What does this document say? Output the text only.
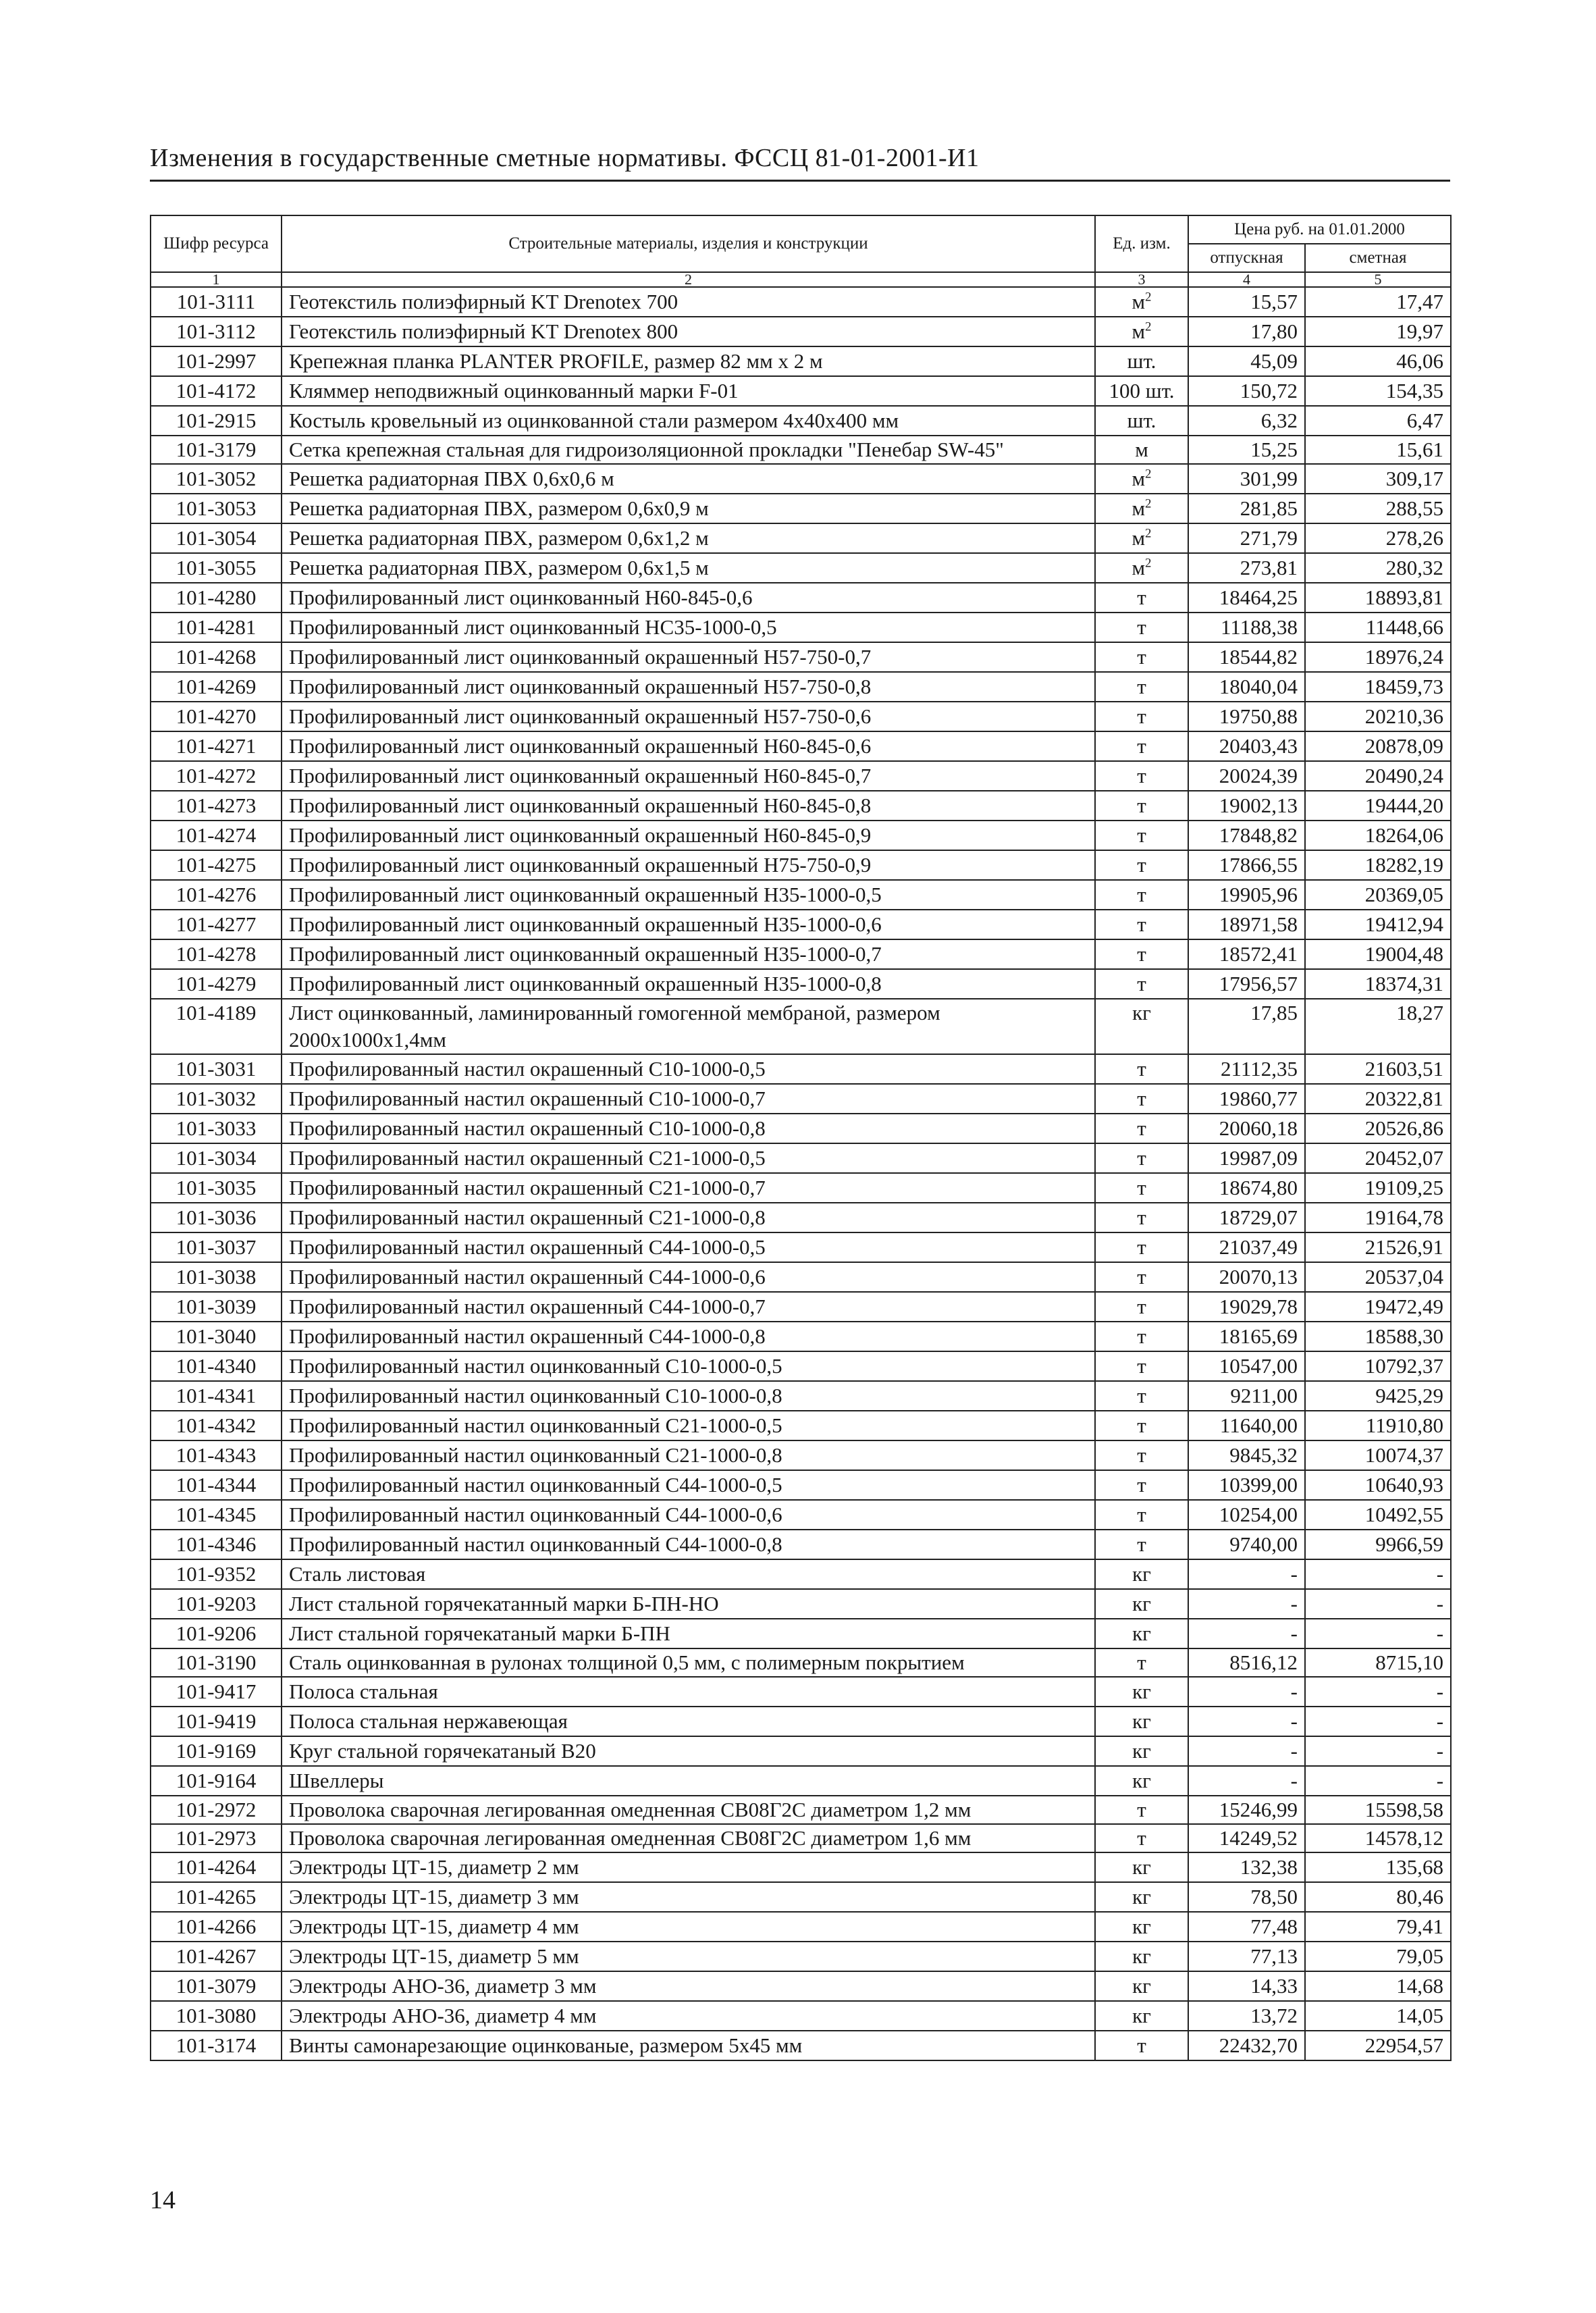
Изменения в государственные сметные нормативы. ФССЦ 81-01-2001-И1
Шифр ресурса	Строительные материалы, изделия и конструкции	Ед. изм.	Цена руб. на 01.01.2000	
			отпускная	сметная
1	2	3	4	5
101-3111	Геотекстиль полиэфирный KT Drenotex 700	$м^2$	15,57	17,47
101-3112	Геотекстиль полиэфирный KT Drenotex 800	$м^2$	17,80	19,97
101-2997	Крепежная планка PLANTER PROFILE, размер 82 мм х 2 м	шт.	45,09	46,06
101-4172	Кляммер неподвижный оцинкованный марки F-01	100 шт.	150,72	154,35
101-2915	Костыль кровельный из оцинкованной стали размером 4х40х400 мм	шт.	6,32	6,47
101-3179	Сетка крепежная стальная для гидроизоляционной прокладки "Пенебар SW-45"	м	15,25	15,61
101-3052	Решетка радиаторная ПВХ 0,6х0,6 м	$м^2$	301,99	309,17
101-3053	Решетка радиаторная ПВХ, размером 0,6х0,9 м	$м^2$	281,85	288,55
101-3054	Решетка радиаторная ПВХ, размером 0,6х1,2 м	$м^2$	271,79	278,26
101-3055	Решетка радиаторная ПВХ, размером 0,6х1,5 м	$м^2$	273,81	280,32
101-4280	Профилированный лист оцинкованный Н60-845-0,6	т	18464,25	18893,81
101-4281	Профилированный лист оцинкованный НС35-1000-0,5	т	11188,38	11448,66
101-4268	Профилированный лист оцинкованный окрашенный Н57-750-0,7	т	18544,82	18976,24
101-4269	Профилированный лист оцинкованный окрашенный Н57-750-0,8	т	18040,04	18459,73
101-4270	Профилированный лист оцинкованный окрашенный Н57-750-0,6	т	19750,88	20210,36
101-4271	Профилированный лист оцинкованный окрашенный Н60-845-0,6	т	20403,43	20878,09
101-4272	Профилированный лист оцинкованный окрашенный Н60-845-0,7	т	20024,39	20490,24
101-4273	Профилированный лист оцинкованный окрашенный Н60-845-0,8	т	19002,13	19444,20
101-4274	Профилированный лист оцинкованный окрашенный Н60-845-0,9	т	17848,82	18264,06
101-4275	Профилированный лист оцинкованный окрашенный Н75-750-0,9	т	17866,55	18282,19
101-4276	Профилированный лист оцинкованный окрашенный Н35-1000-0,5	т	19905,96	20369,05
101-4277	Профилированный лист оцинкованный окрашенный Н35-1000-0,6	т	18971,58	19412,94
101-4278	Профилированный лист оцинкованный окрашенный Н35-1000-0,7	т	18572,41	19004,48
101-4279	Профилированный лист оцинкованный окрашенный Н35-1000-0,8	т	17956,57	18374,31
101-4189	Лист оцинкованный, ламинированный гомогенной мембраной, размером 2000х1000х1,4мм	кг	17,85	18,27
101-3031	Профилированный настил окрашенный С10-1000-0,5	т	21112,35	21603,51
101-3032	Профилированный настил окрашенный С10-1000-0,7	т	19860,77	20322,81
101-3033	Профилированный настил окрашенный С10-1000-0,8	т	20060,18	20526,86
101-3034	Профилированный настил окрашенный С21-1000-0,5	т	19987,09	20452,07
101-3035	Профилированный настил окрашенный С21-1000-0,7	т	18674,80	19109,25
101-3036	Профилированный настил окрашенный С21-1000-0,8	т	18729,07	19164,78
101-3037	Профилированный настил окрашенный С44-1000-0,5	т	21037,49	21526,91
101-3038	Профилированный настил окрашенный С44-1000-0,6	т	20070,13	20537,04
101-3039	Профилированный настил окрашенный С44-1000-0,7	т	19029,78	19472,49
101-3040	Профилированный настил окрашенный С44-1000-0,8	т	18165,69	18588,30
101-4340	Профилированный настил оцинкованный С10-1000-0,5	т	10547,00	10792,37
101-4341	Профилированный настил оцинкованный С10-1000-0,8	т	9211,00	9425,29
101-4342	Профилированный настил оцинкованный С21-1000-0,5	т	11640,00	11910,80
101-4343	Профилированный настил оцинкованный С21-1000-0,8	т	9845,32	10074,37
101-4344	Профилированный настил оцинкованный С44-1000-0,5	т	10399,00	10640,93
101-4345	Профилированный настил оцинкованный С44-1000-0,6	т	10254,00	10492,55
101-4346	Профилированный настил оцинкованный С44-1000-0,8	т	9740,00	9966,59
101-9352	Сталь листовая	кг	-	-
101-9203	Лист стальной горячекатанный марки Б-ПН-НО	кг	-	-
101-9206	Лист стальной горячекатаный марки Б-ПН	кг	-	-
101-3190	Сталь оцинкованная в рулонах толщиной 0,5 мм, с полимерным покрытием	т	8516,12	8715,10
101-9417	Полоса стальная	кг	-	-
101-9419	Полоса стальная нержавеющая	кг	-	-
101-9169	Круг стальной горячекатаный В20	кг	-	-
101-9164	Швеллеры	кг	-	-
101-2972	Проволока сварочная легированная омедненная СВ08Г2С диаметром 1,2 мм	т	15246,99	15598,58
101-2973	Проволока сварочная легированная омедненная СВ08Г2С диаметром 1,6 мм	т	14249,52	14578,12
101-4264	Электроды ЦТ-15, диаметр 2 мм	кг	132,38	135,68
101-4265	Электроды ЦТ-15, диаметр 3 мм	кг	78,50	80,46
101-4266	Электроды ЦТ-15, диаметр 4 мм	кг	77,48	79,41
101-4267	Электроды ЦТ-15, диаметр 5 мм	кг	77,13	79,05
101-3079	Электроды АНО-36, диаметр 3 мм	кг	14,33	14,68
101-3080	Электроды АНО-36, диаметр 4 мм	кг	13,72	14,05
101-3174	Винты самонарезающие оцинкованые, размером 5х45 мм	т	22432,70	22954,57
14
